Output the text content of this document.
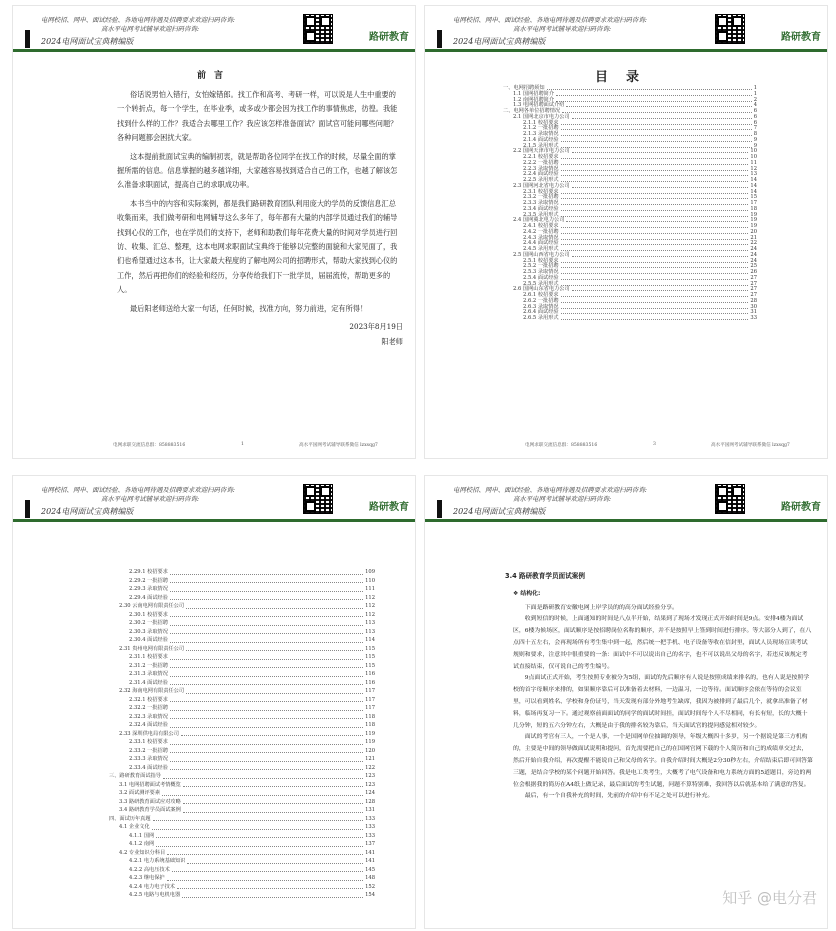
电网校招、网申、面试经验、各地电网待遇及招聘要求欢迎扫码咨询:
高水平电网考试辅导欢迎扫码咨询:
2024电网面试宝典精编版	路研教育
前言

俗话说男怕入错行，女怕嫁错郎。找工作和高考、考研一样，可以说是人生中重要的一个转折点，每一个学生，在毕业季，或多或少都会因为找工作的事情焦虑，彷徨。我能找到什么样的工作？我适合去哪里工作？我应该怎样准备面试？面试官可能问哪些问题？各种问题都会困扰大家。

这本提前批面试宝典的编制初衷，就是帮助各位同学在找工作的时候，尽量全面的掌握所需的信息。信息掌握的越多越详细，大家越容易找到适合自己的工作，也越了解该怎么准备求职面试，提高自己的求职成功率。

本书当中的内容和实际案例，都是我们路研教育团队利用庞大的学员的反馈信息汇总收集而来，我们做考研和电网辅导这么多年了，每年都有大量的内部学员通过我们的辅导找到心仪的工作，也在学员们的支持下，老师和助教们每年花费大量的时间对学员进行回访、收集、汇总、整理，这本电网求职面试宝典终于能够以完整的面貌和大家见面了，我们也希望通过这本书，让大家最大程度的了解电网公司的招聘形式，帮助大家找到心仪的工作，然后再把你们的经验和经历，分享传给我们下一批学员，届届流传，帮助更多的人。

最后阳老师送给大家一句话，任何时候，找准方向，努力前进，定有所得！

2023年8月19日
阳老师
电网求职交流信息群：858883516	1	高水平国网考试辅导联系微信 lzxsqg7
电网校招、网申、面试经验、各地电网待遇及招聘要求欢迎扫码咨询:
高水平电网考试辅导欢迎扫码咨询:
2024电网面试宝典精编版	路研教育
目录
一、电网招聘须知	1
1.1 国网招聘简介	1
1.2 南网招聘简介	2
1.3 电网招聘面试介绍	4
二、电网各单位招聘情况	6
2.1 国网北京市电力公司	6
2.1.1 校招要求	6
2.1.2 一批招聘	7
2.1.3 录取情况	8
2.1.4 面试经验	9
2.1.5 录用形式	9
2.2 国网天津市电力公司	10
2.2.1 校招要求	10
2.2.2 一批招聘	11
2.2.3 录取情况	12
2.2.4 面试经验	13
2.2.5 录用形式	14
2.3 国网河北省电力公司	14
2.3.1 校招要求	14
2.3.2 一批招聘	15
2.3.3 录取情况	17
2.3.4 面试经验	18
2.3.5 录用形式	19
2.4 国网冀北电力公司	19
2.4.1 校招要求	19
2.4.2 一批招聘	20
2.4.3 录取情况	21
2.4.4 面试经验	22
2.4.5 录用形式	24
2.5 国网山西省电力公司	24
2.5.1 校招要求	24
2.5.2 一批招聘	25
2.5.3 录取情况	26
2.5.4 面试经验	27
2.5.5 录用形式	27
2.6 国网山东省电力公司	27
2.6.1 校招要求	27
2.6.2 一批招聘	28
2.6.3 录取情况	30
2.6.4 面试经验	31
2.6.5 录用形式	33
电网求职交流信息群：858883516	3	高水平国网考试辅导联系微信 lzxsqg7
电网校招、网申、面试经验、各地电网待遇及招聘要求欢迎扫码咨询:
高水平电网考试辅导欢迎扫码咨询:
2024电网面试宝典精编版	路研教育
2.29.1 校招要求	109
2.29.2 一批招聘	110
2.29.3 录取情况	111
2.29.4 面试经验	112
2.30 云南电网有限责任公司	112
2.30.1 校招要求	112
2.30.2 一批招聘	113
2.30.3 录取情况	113
2.30.4 面试经验	114
2.31 贵州电网有限责任公司	115
2.31.1 校招要求	115
2.31.2 一批招聘	115
2.31.3 录取情况	116
2.31.4 面试经验	116
2.32 海南电网有限责任公司	117
2.32.1 校招要求	117
2.32.2 一批招聘	117
2.32.3 录取情况	118
2.32.4 面试经验	118
2.33 深圳供电局有限公司	119
2.33.1 校招要求	119
2.33.2 一批招聘	120
2.33.3 录取情况	121
2.33.4 面试经验	122
三、路研教育面试指导	123
3.1 电网招聘面试考情概览	123
3.2 面试测评要素	124
3.3 路研教育面试应对攻略	128
3.4 路研教育学员面试案例	131
四、面试历年真题	133
4.1 企业文化	133
4.1.1 国网	133
4.1.2 南网	137
4.2 专业知识分科目	141
4.2.1 电力系统基础知识	141
4.2.2 高电压技术	145
4.2.3 继电保护	148
4.2.4 电力电子技术	152
4.2.5 电路与电机电器	154
电网校招、网申、面试经验、各地电网待遇及招聘要求欢迎扫码咨询:
高水平电网考试辅导欢迎扫码咨询:
2024电网面试宝典精编版	路研教育
3.4 路研教育学员面试案例
❖ 结构化:

下面是路研教育安徽电网上岸学员的的高分面试经验分享。

收到短信的时候，上面通知的时间是八点半开始，结果到了现场才发现正式开始时间是9点。安排4楼为面试区，6楼为候场区，面试顺序是按招聘岗位名称的顺序，并不是按照早上签到时间进行排序。等大部分人到了，在八点四十五左右，会再现场所有考生集中到一起，然后统一把手机、电子设备等收在信封里，面试人员现场宣读考试规则和要求，注意其中很重要的一条：面试中不可以说出自己的名字，也不可以说出父母的名字，若违反该规定考试直接结束，仅可说自己的考生编号。

9点面试正式开始，考生按照专业被分为5组，面试的先后顺序有人说是按照成绩来排名的，也有人说是按照学校的首字母顺序来排的，如果顺序靠后可以准备着去材料，一边温习，一边等待。面试顺序会依在等待的会议室里，可以看到姓名、学校和身份证号，当天发现有部分外地考生缺席，我因为被排到了最后几个，就拿出准备了材料，临场再复习一下。通过观察前面面试的同学的面试时间挂，面试时间每个人不尽相同，有长有短，长的大概十几分钟，短的五六分钟左右，大概是由于我的排名较为靠后，当天面试官的提问感觉相对较少。

面试的考官有三人，一个是人事，一个是国网单位抽调的领导，年级大概四十多岁，另一个据说是第三方机构的，主要是中间的领导做面试说明和提问，首先需要把自己的在国网官网下载的个人简历和自己的成绩单交过去，然后开始自我介绍，再次提醒不能说自己和父母的名字。自我介绍时间大概是2分30秒左右，介绍结束后即可回答第三题，是结合学校的某个问题开始回答。我是电工类考生，大概考了电气设备和电力系统方面的5道题目，旁边的两位会根据我的简历在A4纸上做记录，最后面试的考生试题，问题不算特别难，我回答以后就基本给了满意的答复。

最后，有一个自我补充的时间，先前的介绍中有不足之处可以进行补充。

知乎 @电分君
